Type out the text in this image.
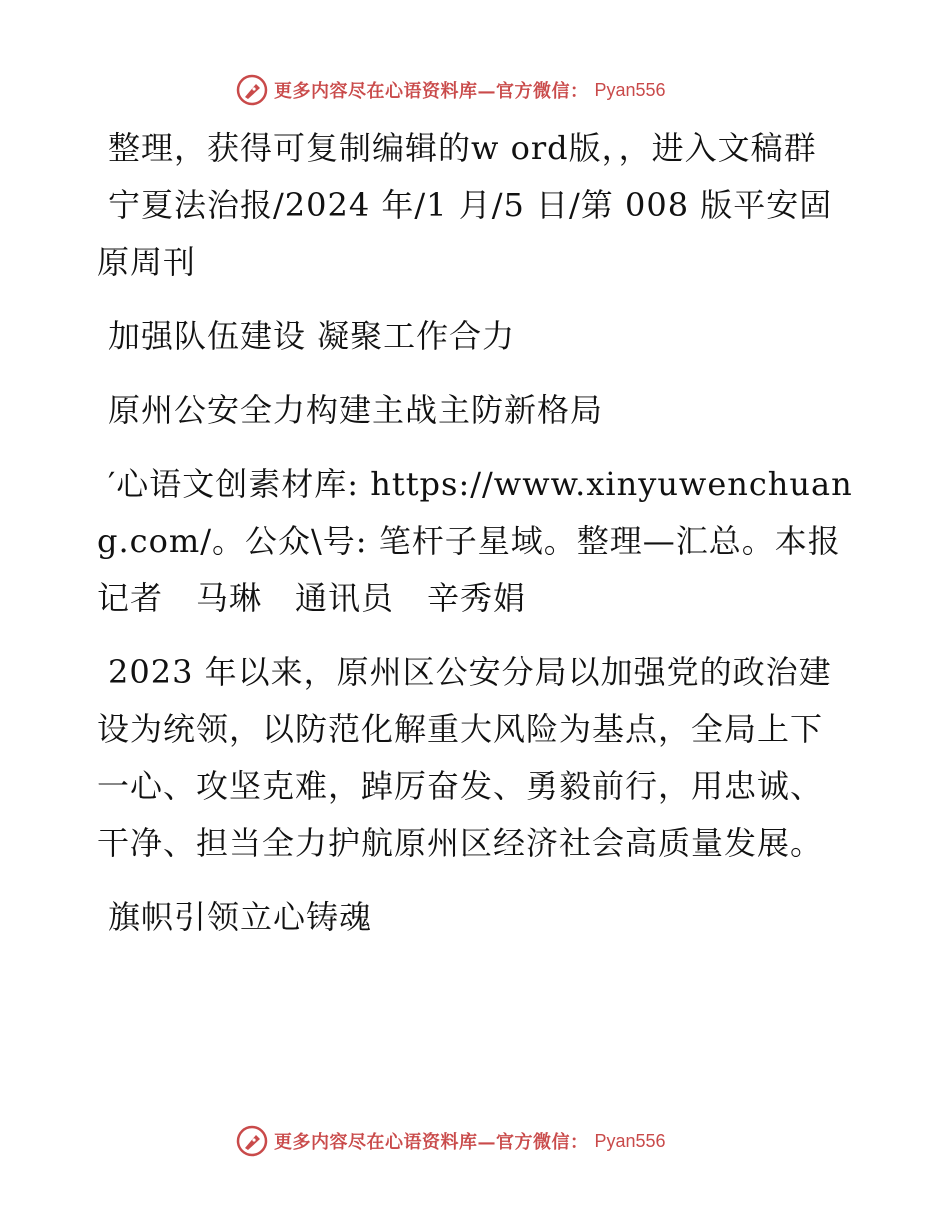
更多内容尽在心语资料库—官方微信： Pyan556

整理，获得可复制编辑的w ord版，，进入文稿群

宁夏法治报/2024 年/1 月/5 日/第 008 版平安固原周刊

加强队伍建设 凝聚工作合力

原州公安全力构建主战主防新格局

′心语文创素材库: https://www.xinyuwenchuang.com/。公众\号: 笔杆子星域。整理—汇总。本报记者　马琳　通讯员　辛秀娟

2023 年以来，原州区公安分局以加强党的政治建设为统领，以防范化解重大风险为基点，全局上下一心、攻坚克难，踔厉奋发、勇毅前行，用忠诚、干净、担当全力护航原州区经济社会高质量发展。

旗帜引领立心铸魂

更多内容尽在心语资料库—官方微信： Pyan556
